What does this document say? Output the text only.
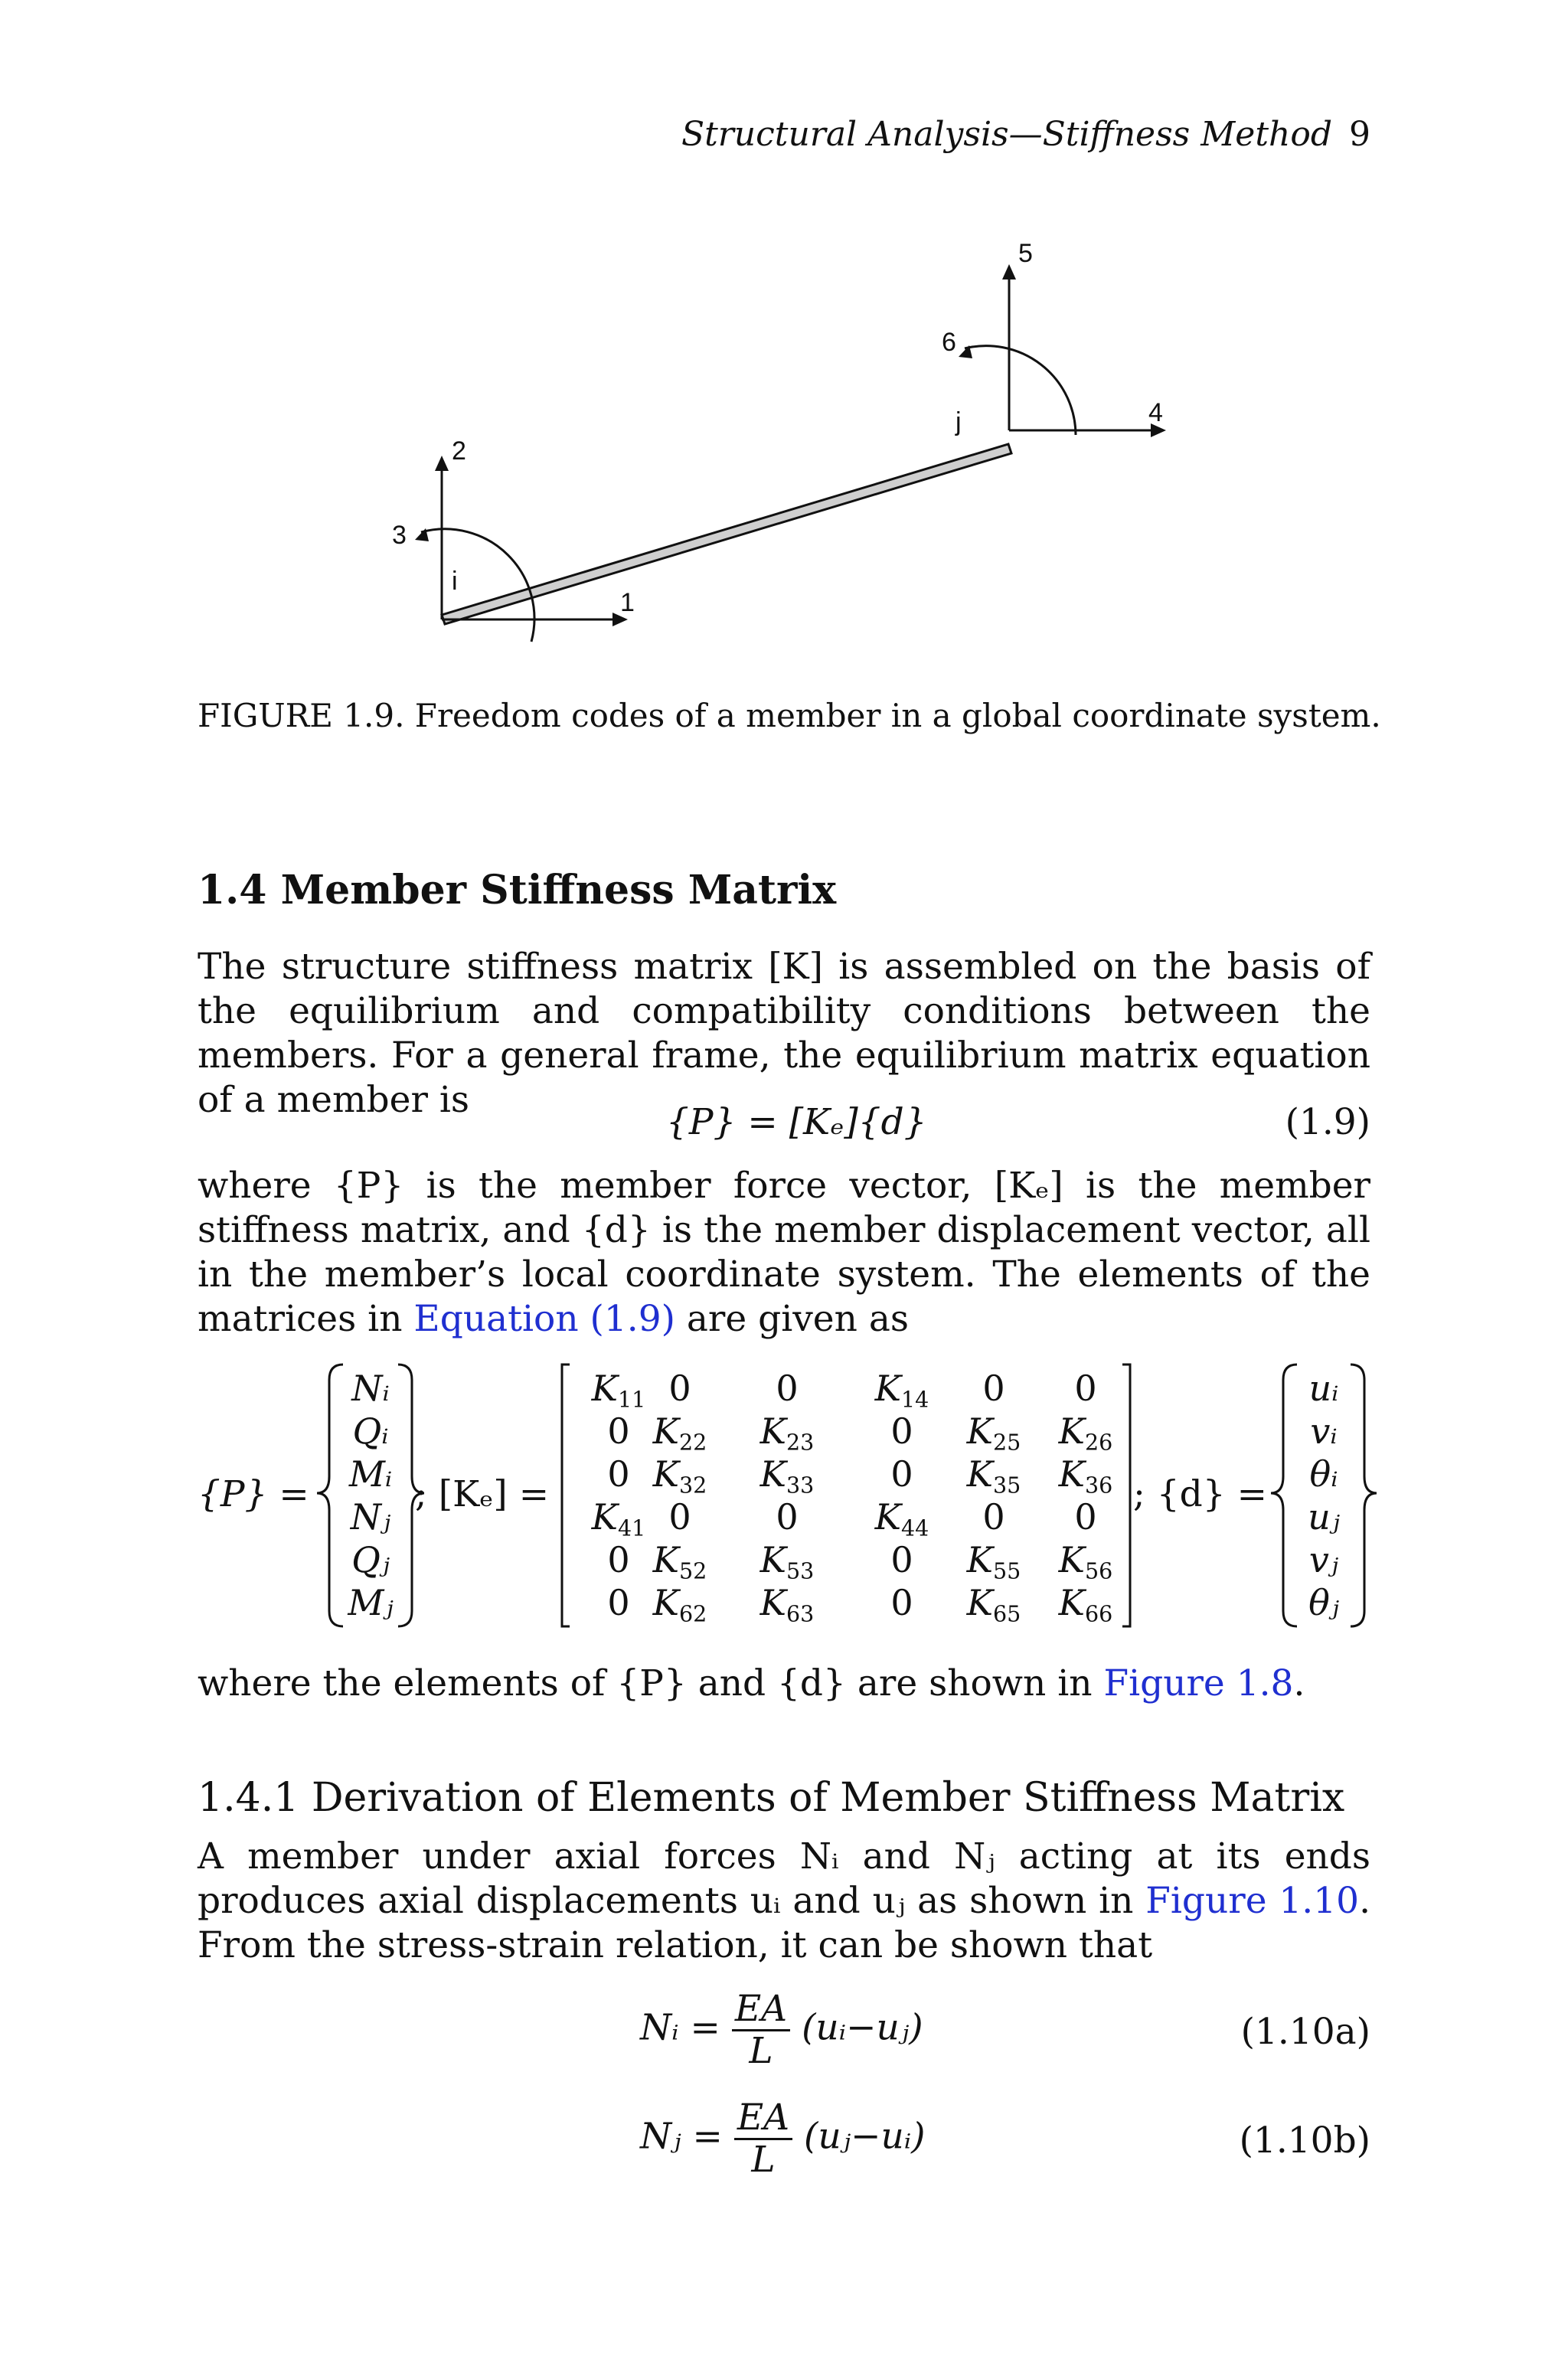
Structural Analysis—Stiffness Method 9
1
2
3
4
5
6
i
j
FIGURE 1.9. Freedom codes of a member in a global coordinate system.
1.4 Member Stiffness Matrix
The structure stiffness matrix [K] is assembled on the basis of the equilibrium and compatibility conditions between the members. For a general frame, the equilibrium matrix equation of a member is
{P} = [Kₑ]{d}	(1.9)
where {P} is the member force vector, [Kₑ] is the member stiffness matrix, and {d} is the member displacement vector, all in the member’s local coordinate system. The elements of the matrices in Equation (1.9) are given as
{P} =	; [Kₑ] =	; {d} =
Nᵢ
Qᵢ
Mᵢ
Nⱼ
Qⱼ
Mⱼ
$K_{11}$ 0 0 $K_{14}$ 0 0
0 $K_{22}$ $K_{23}$ 0 $K_{25}$ $K_{26}$
0 $K_{32}$ $K_{33}$ 0 $K_{35}$ $K_{36}$
$K_{41}$ 0 0 $K_{44}$ 0 0
0 $K_{52}$ $K_{53}$ 0 $K_{55}$ $K_{56}$
0 $K_{62}$ $K_{63}$ 0 $K_{65}$ $K_{66}$
uᵢ
vᵢ
θᵢ
uⱼ
vⱼ
θⱼ
where the elements of {P} and {d} are shown in Figure 1.8.
1.4.1 Derivation of Elements of Member Stiffness Matrix
A member under axial forces Nᵢ and Nⱼ acting at its ends produces axial displacements uᵢ and uⱼ as shown in Figure 1.10. From the stress-strain relation, it can be shown that
Nᵢ = $\frac{EA}{L}$ (uᵢ−uⱼ)	(1.10a)
Nⱼ = $\frac{EA}{L}$ (uⱼ−uᵢ)	(1.10b)
